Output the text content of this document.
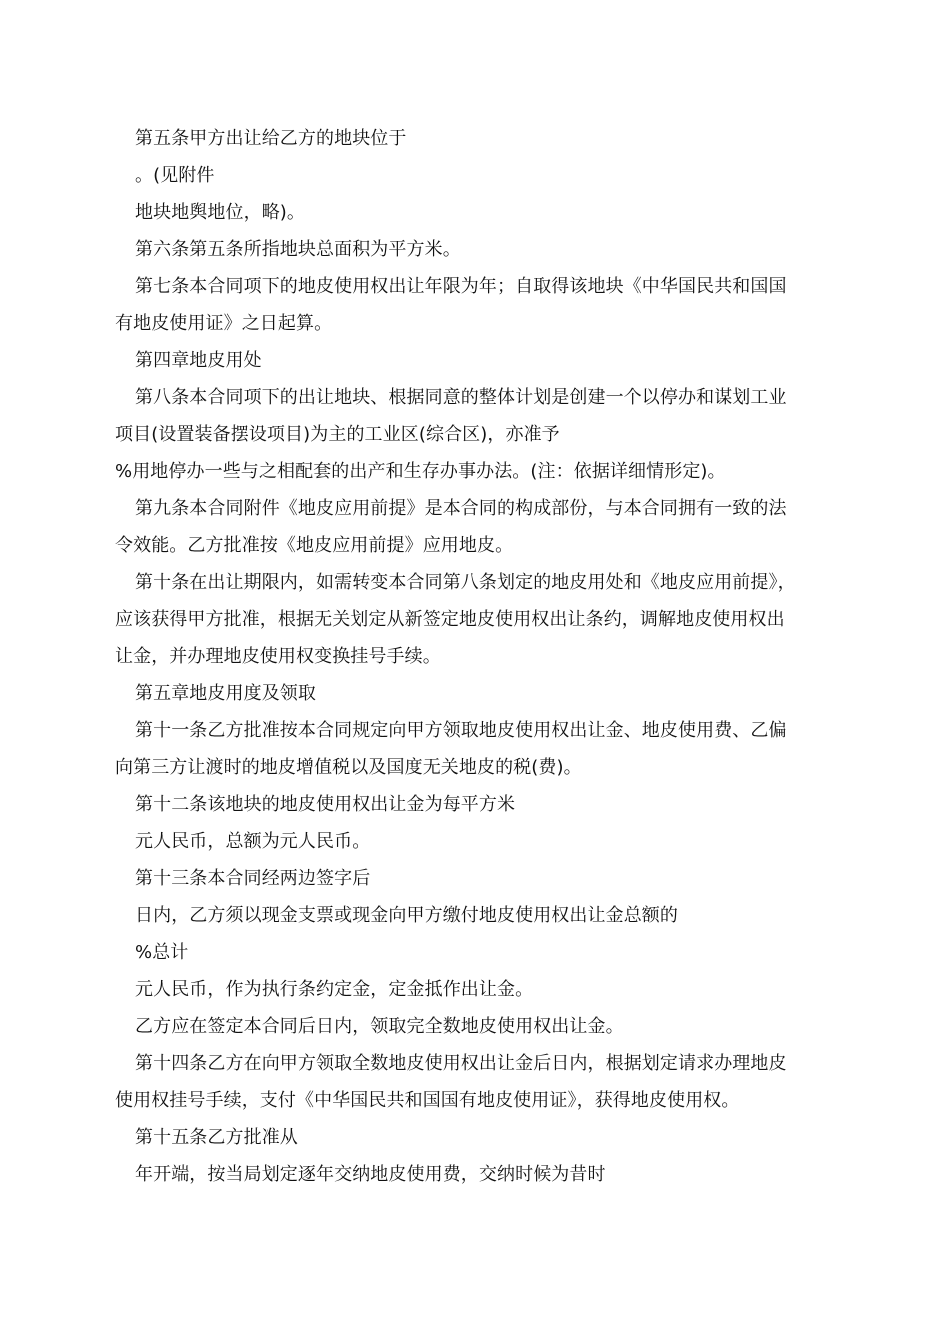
第五条甲方出让给乙方的地块位于
。(见附件
地块地舆地位，略)。
第六条第五条所指地块总面积为平方米。
第七条本合同项下的地皮使用权出让年限为年；自取得该地块《中华国民共和国国
有地皮使用证》之日起算。
第四章地皮用处
第八条本合同项下的出让地块、根据同意的整体计划是创建一个以停办和谋划工业
项目(设置装备摆设项目)为主的工业区(综合区)，亦准予
%用地停办一些与之相配套的出产和生存办事办法。(注：依据详细情形定)。
第九条本合同附件《地皮应用前提》是本合同的构成部份，与本合同拥有一致的法
令效能。乙方批准按《地皮应用前提》应用地皮。
第十条在出让期限内，如需转变本合同第八条划定的地皮用处和《地皮应用前提》，
应该获得甲方批准，根据无关划定从新签定地皮使用权出让条约，调解地皮使用权出
让金，并办理地皮使用权变换挂号手续。
第五章地皮用度及领取
第十一条乙方批准按本合同规定向甲方领取地皮使用权出让金、地皮使用费、乙偏
向第三方让渡时的地皮增值税以及国度无关地皮的税(费)。
第十二条该地块的地皮使用权出让金为每平方米
元人民币，总额为元人民币。
第十三条本合同经两边签字后
日内，乙方须以现金支票或现金向甲方缴付地皮使用权出让金总额的
%总计
元人民币，作为执行条约定金，定金抵作出让金。
乙方应在签定本合同后日内，领取完全数地皮使用权出让金。
第十四条乙方在向甲方领取全数地皮使用权出让金后日内，根据划定请求办理地皮
使用权挂号手续，支付《中华国民共和国国有地皮使用证》，获得地皮使用权。
第十五条乙方批准从
年开端，按当局划定逐年交纳地皮使用费，交纳时候为昔时
